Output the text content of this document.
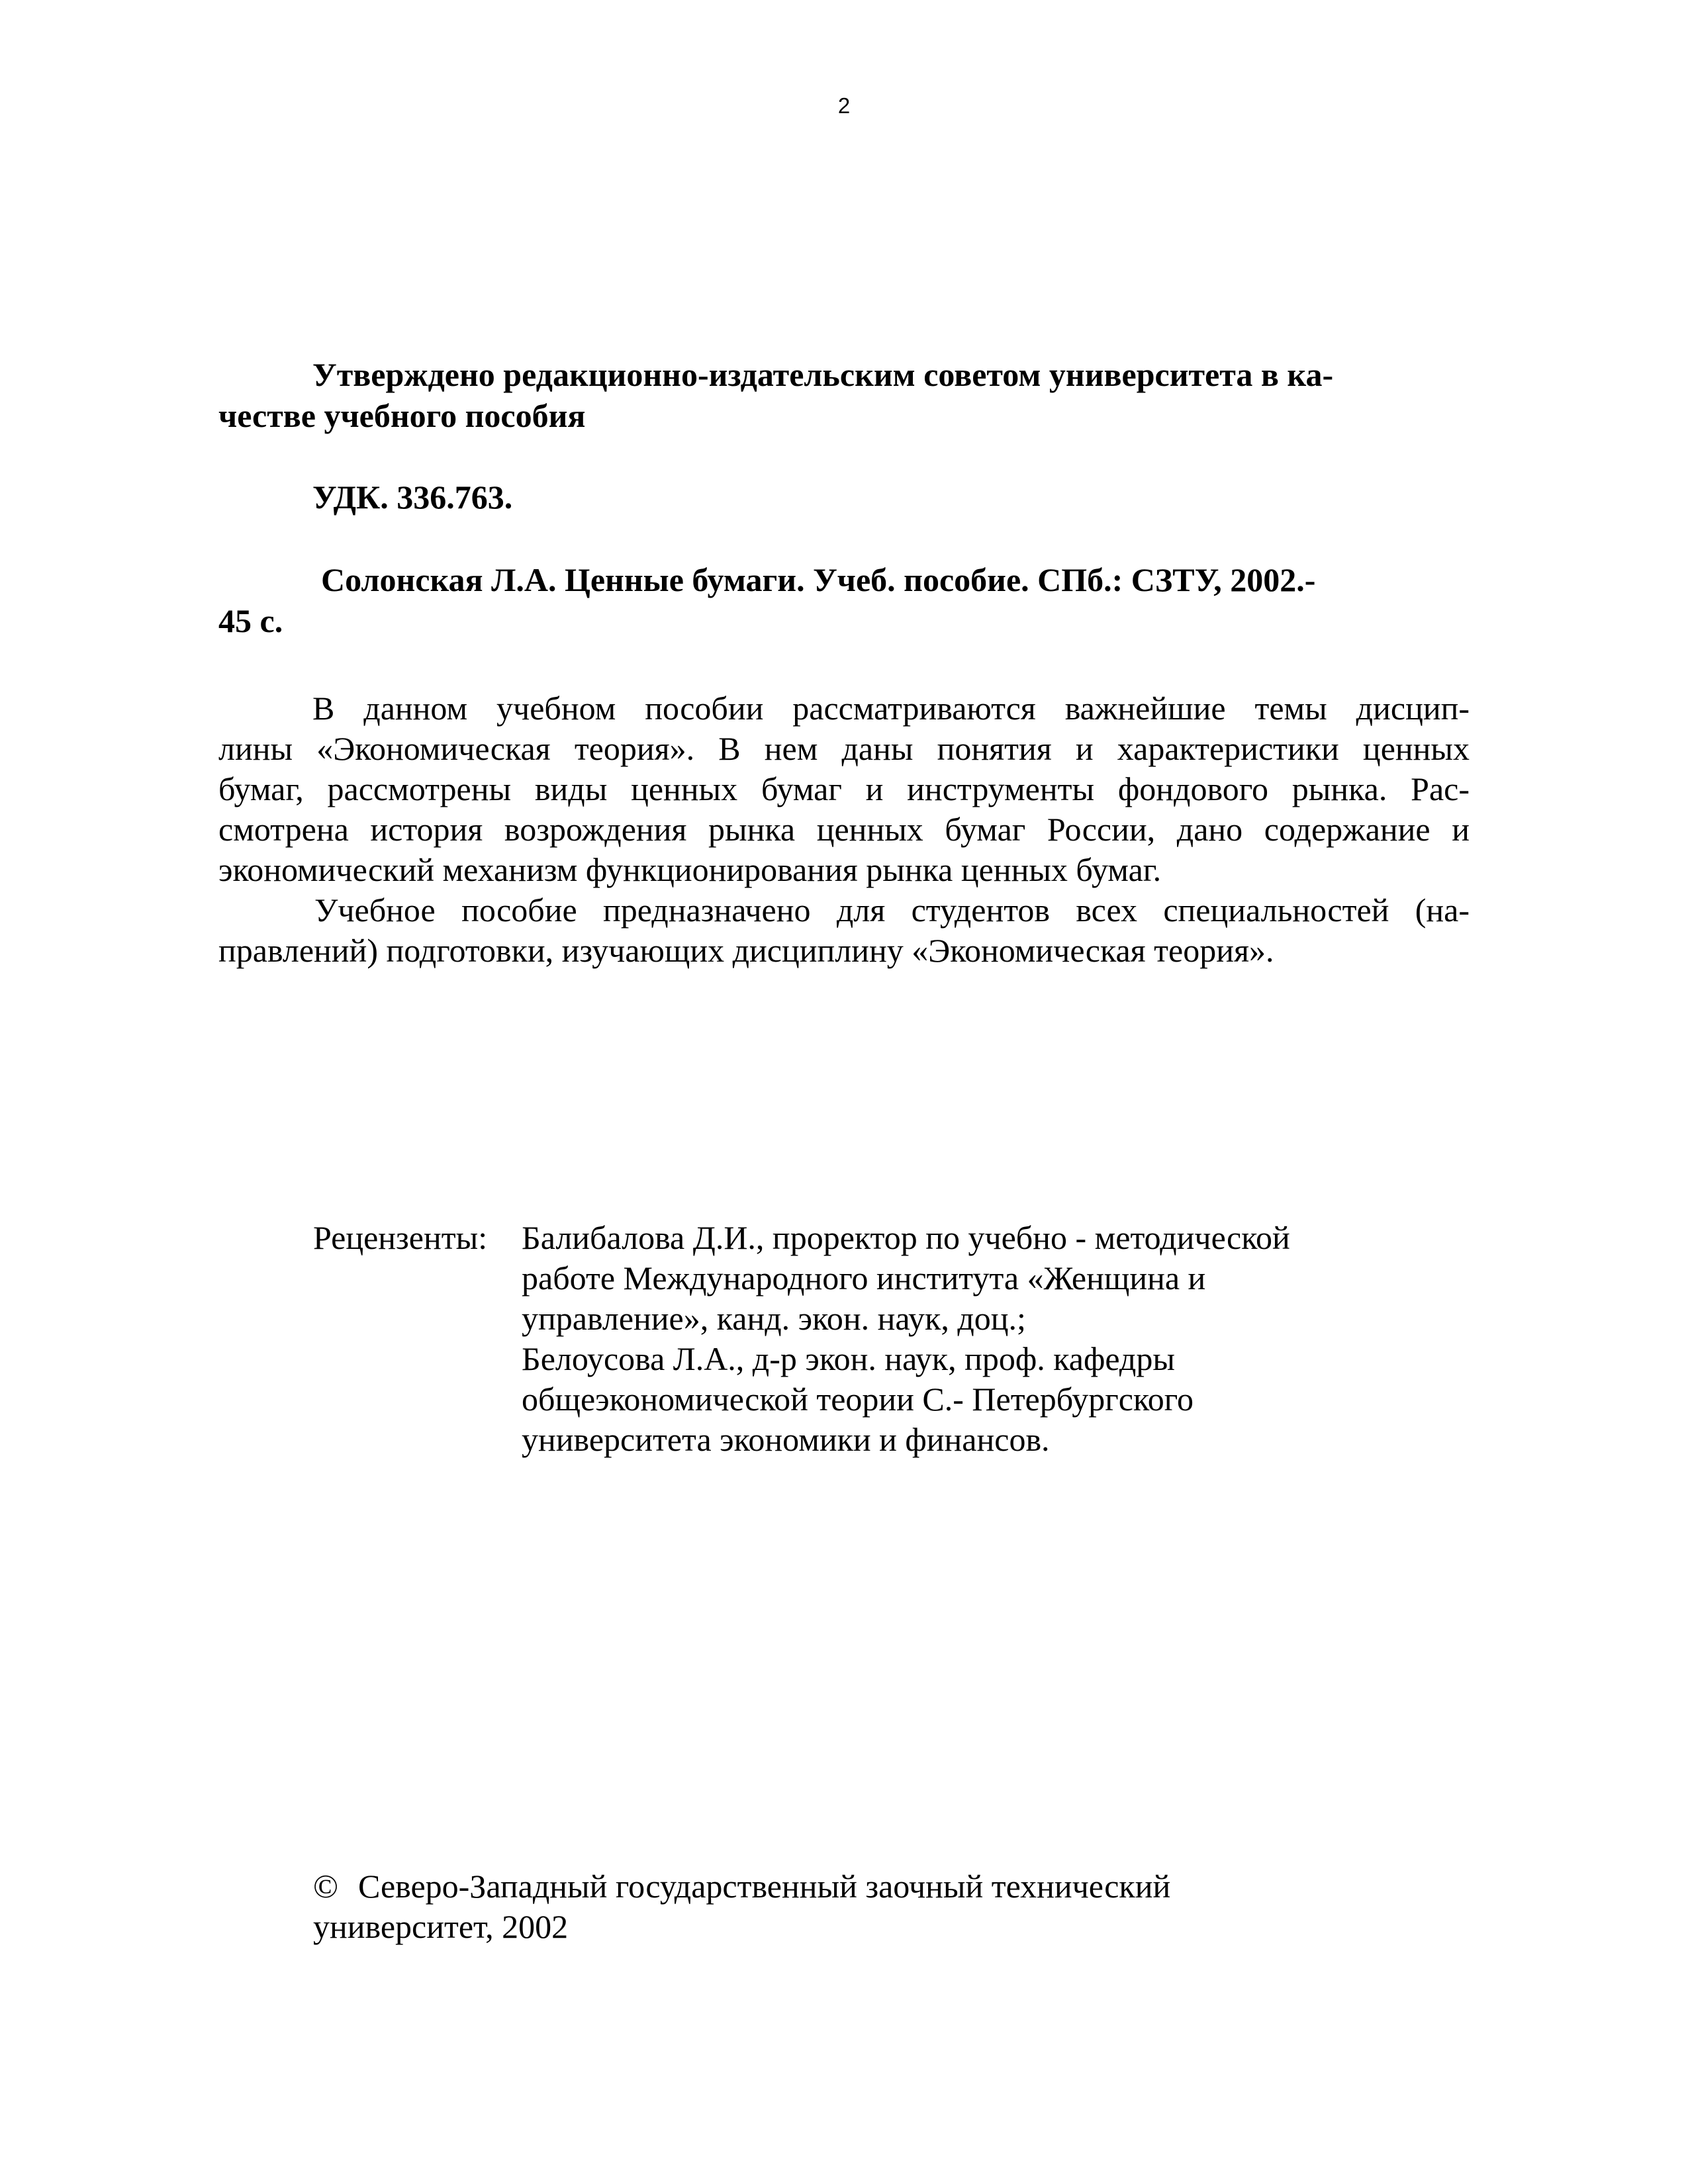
2
Утверждено редакционно-издательским советом университета в ка-
честве учебного пособия
УДК. 336.763.
Солонская Л.А. Ценные бумаги. Учеб. пособие. СПб.: СЗТУ, 2002.-
45 с.
В данном учебном пособии рассматриваются важнейшие темы дисцип-
лины «Экономическая теория». В нем даны понятия и характеристики ценных
бумаг, рассмотрены виды ценных бумаг и инструменты фондового рынка. Рас-
смотрена история возрождения рынка ценных бумаг России, дано содержание и
экономический механизм функционирования рынка ценных бумаг.
Учебное пособие предназначено для студентов всех специальностей (на-
правлений) подготовки, изучающих дисциплину «Экономическая теория».
Рецензенты: Балибалова Д.И., проректор по учебно - методической
работе Международного института «Женщина и
управление», канд. экон. наук, доц.;
Белоусова Л.А., д-р экон. наук, проф. кафедры
общеэкономической теории С.- Петербургского
университета экономики и финансов.
© Северо-Западный государственный заочный технический
университет, 2002
